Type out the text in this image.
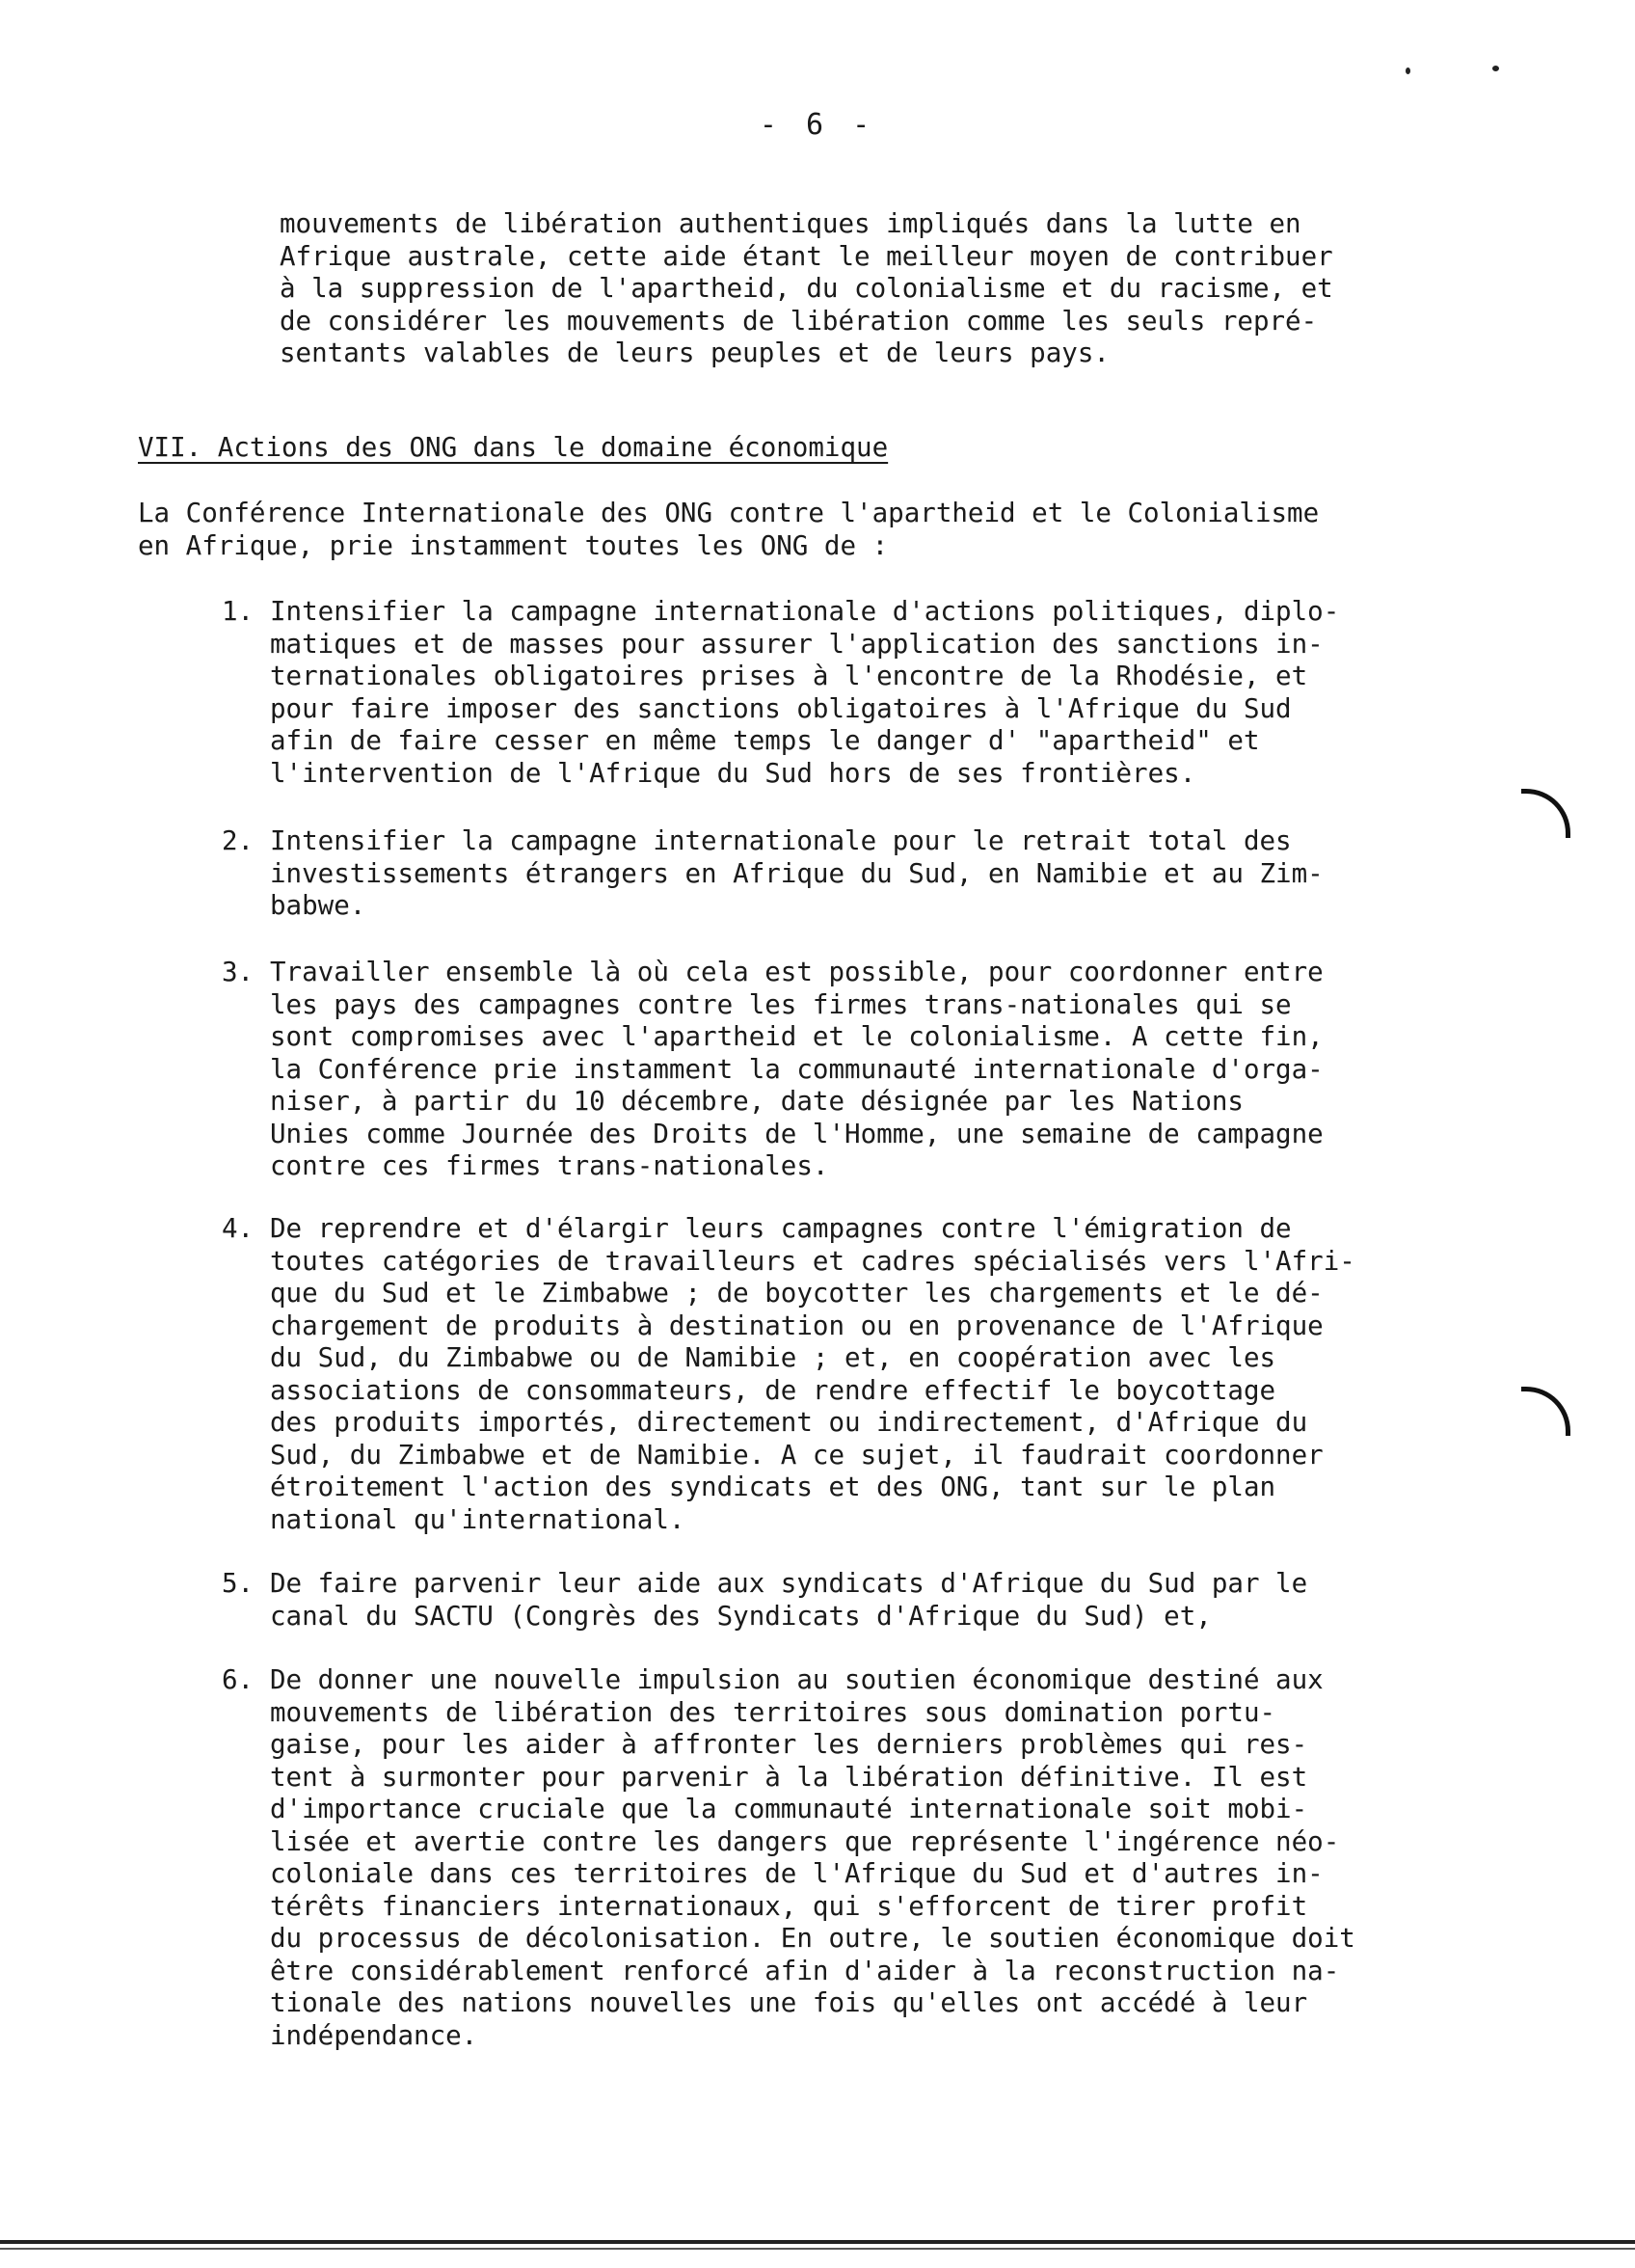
- 6 -

mouvements de libération authentiques impliqués dans la lutte en
Afrique australe, cette aide étant le meilleur moyen de contribuer
à la suppression de l'apartheid, du colonialisme et du racisme, et
de considérer les mouvements de libération comme les seuls repré-
sentants valables de leurs peuples et de leurs pays.

VII. Actions des ONG dans le domaine économique

La Conférence Internationale des ONG contre l'apartheid et le Colonialisme
en Afrique, prie instamment toutes les ONG de :

1. Intensifier la campagne internationale d'actions politiques, diplo-
matiques et de masses pour assurer l'application des sanctions in-
ternationales obligatoires prises à l'encontre de la Rhodésie, et
pour faire imposer des sanctions obligatoires à l'Afrique du Sud
afin de faire cesser en même temps le danger d' "apartheid" et
l'intervention de l'Afrique du Sud hors de ses frontières.

2. Intensifier la campagne internationale pour le retrait total des
investissements étrangers en Afrique du Sud, en Namibie et au Zim-
babwe.

3. Travailler ensemble là où cela est possible, pour coordonner entre
les pays des campagnes contre les firmes trans-nationales qui se
sont compromises avec l'apartheid et le colonialisme. A cette fin,
la Conférence prie instamment la communauté internationale d'orga-
niser, à partir du 10 décembre, date désignée par les Nations
Unies comme Journée des Droits de l'Homme, une semaine de campagne
contre ces firmes trans-nationales.

4. De reprendre et d'élargir leurs campagnes contre l'émigration de
toutes catégories de travailleurs et cadres spécialisés vers l'Afri-
que du Sud et le Zimbabwe ; de boycotter les chargements et le dé-
chargement de produits à destination ou en provenance de l'Afrique
du Sud, du Zimbabwe ou de Namibie ; et, en coopération avec les
associations de consommateurs, de rendre effectif le boycottage
des produits importés, directement ou indirectement, d'Afrique du
Sud, du Zimbabwe et de Namibie. A ce sujet, il faudrait coordonner
étroitement l'action des syndicats et des ONG, tant sur le plan
national qu'international.

5. De faire parvenir leur aide aux syndicats d'Afrique du Sud par le
canal du SACTU (Congrès des Syndicats d'Afrique du Sud) et,

6. De donner une nouvelle impulsion au soutien économique destiné aux
mouvements de libération des territoires sous domination portu-
gaise, pour les aider à affronter les derniers problèmes qui res-
tent à surmonter pour parvenir à la libération définitive. Il est
d'importance cruciale que la communauté internationale soit mobi-
lisée et avertie contre les dangers que représente l'ingérence néo-
coloniale dans ces territoires de l'Afrique du Sud et d'autres in-
térêts financiers internationaux, qui s'efforcent de tirer profit
du processus de décolonisation. En outre, le soutien économique doit
être considérablement renforcé afin d'aider à la reconstruction na-
tionale des nations nouvelles une fois qu'elles ont accédé à leur
indépendance.
